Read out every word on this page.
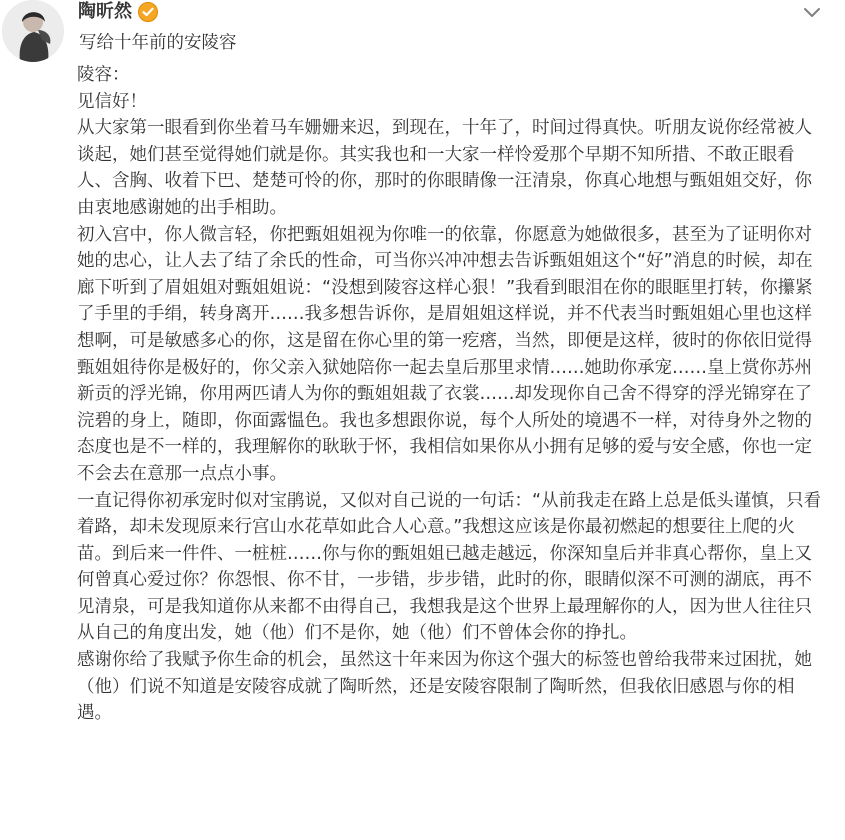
陶昕然
写给十年前的安陵容

陵容：

见信好！

从大家第一眼看到你坐着马车姗姗来迟，到现在，十年了，时间过得真快。听朋友说你经常被人谈起，她们甚至觉得她们就是你。其实我也和一大家一样怜爱那个早期不知所措、不敢正眼看人、含胸、收着下巴、楚楚可怜的你，那时的你眼睛像一汪清泉，你真心地想与甄姐姐交好，你由衷地感谢她的出手相助。

初入宫中，你人微言轻，你把甄姐姐视为你唯一的依靠，你愿意为她做很多，甚至为了证明你对她的忠心，让人去了结了余氏的性命，可当你兴冲冲想去告诉甄姐姐这个“好”消息的时候，却在廊下听到了眉姐姐对甄姐姐说：“没想到陵容这样心狠！”我看到眼泪在你的眼眶里打转，你攥紧了手里的手绢，转身离开……我多想告诉你，是眉姐姐这样说，并不代表当时甄姐姐心里也这样想啊，可是敏感多心的你，这是留在你心里的第一疙瘩，当然，即便是这样，彼时的你依旧觉得甄姐姐待你是极好的，你父亲入狱她陪你一起去皇后那里求情……她助你承宠……皇上赏你苏州新贡的浮光锦，你用两匹请人为你的甄姐姐裁了衣裳……却发现你自己舍不得穿的浮光锦穿在了浣碧的身上，随即，你面露愠色。我也多想跟你说，每个人所处的境遇不一样，对待身外之物的态度也是不一样的，我理解你的耿耿于怀，我相信如果你从小拥有足够的爱与安全感，你也一定不会去在意那一点点小事。

一直记得你初承宠时似对宝鹃说，又似对自己说的一句话：“从前我走在路上总是低头谨慎，只看着路，却未发现原来行宫山水花草如此合人心意。”我想这应该是你最初燃起的想要往上爬的火苗。到后来一件件、一桩桩……你与你的甄姐姐已越走越远，你深知皇后并非真心帮你，皇上又何曾真心爱过你？你怨恨、你不甘，一步错，步步错，此时的你，眼睛似深不可测的湖底，再不见清泉，可是我知道你从来都不由得自己，我想我是这个世界上最理解你的人，因为世人往往只从自己的角度出发，她（他）们不是你，她（他）们不曾体会你的挣扎。

感谢你给了我赋予你生命的机会，虽然这十年来因为你这个强大的标签也曾给我带来过困扰，她（他）们说不知道是安陵容成就了陶昕然，还是安陵容限制了陶昕然，但我依旧感恩与你的相遇。
